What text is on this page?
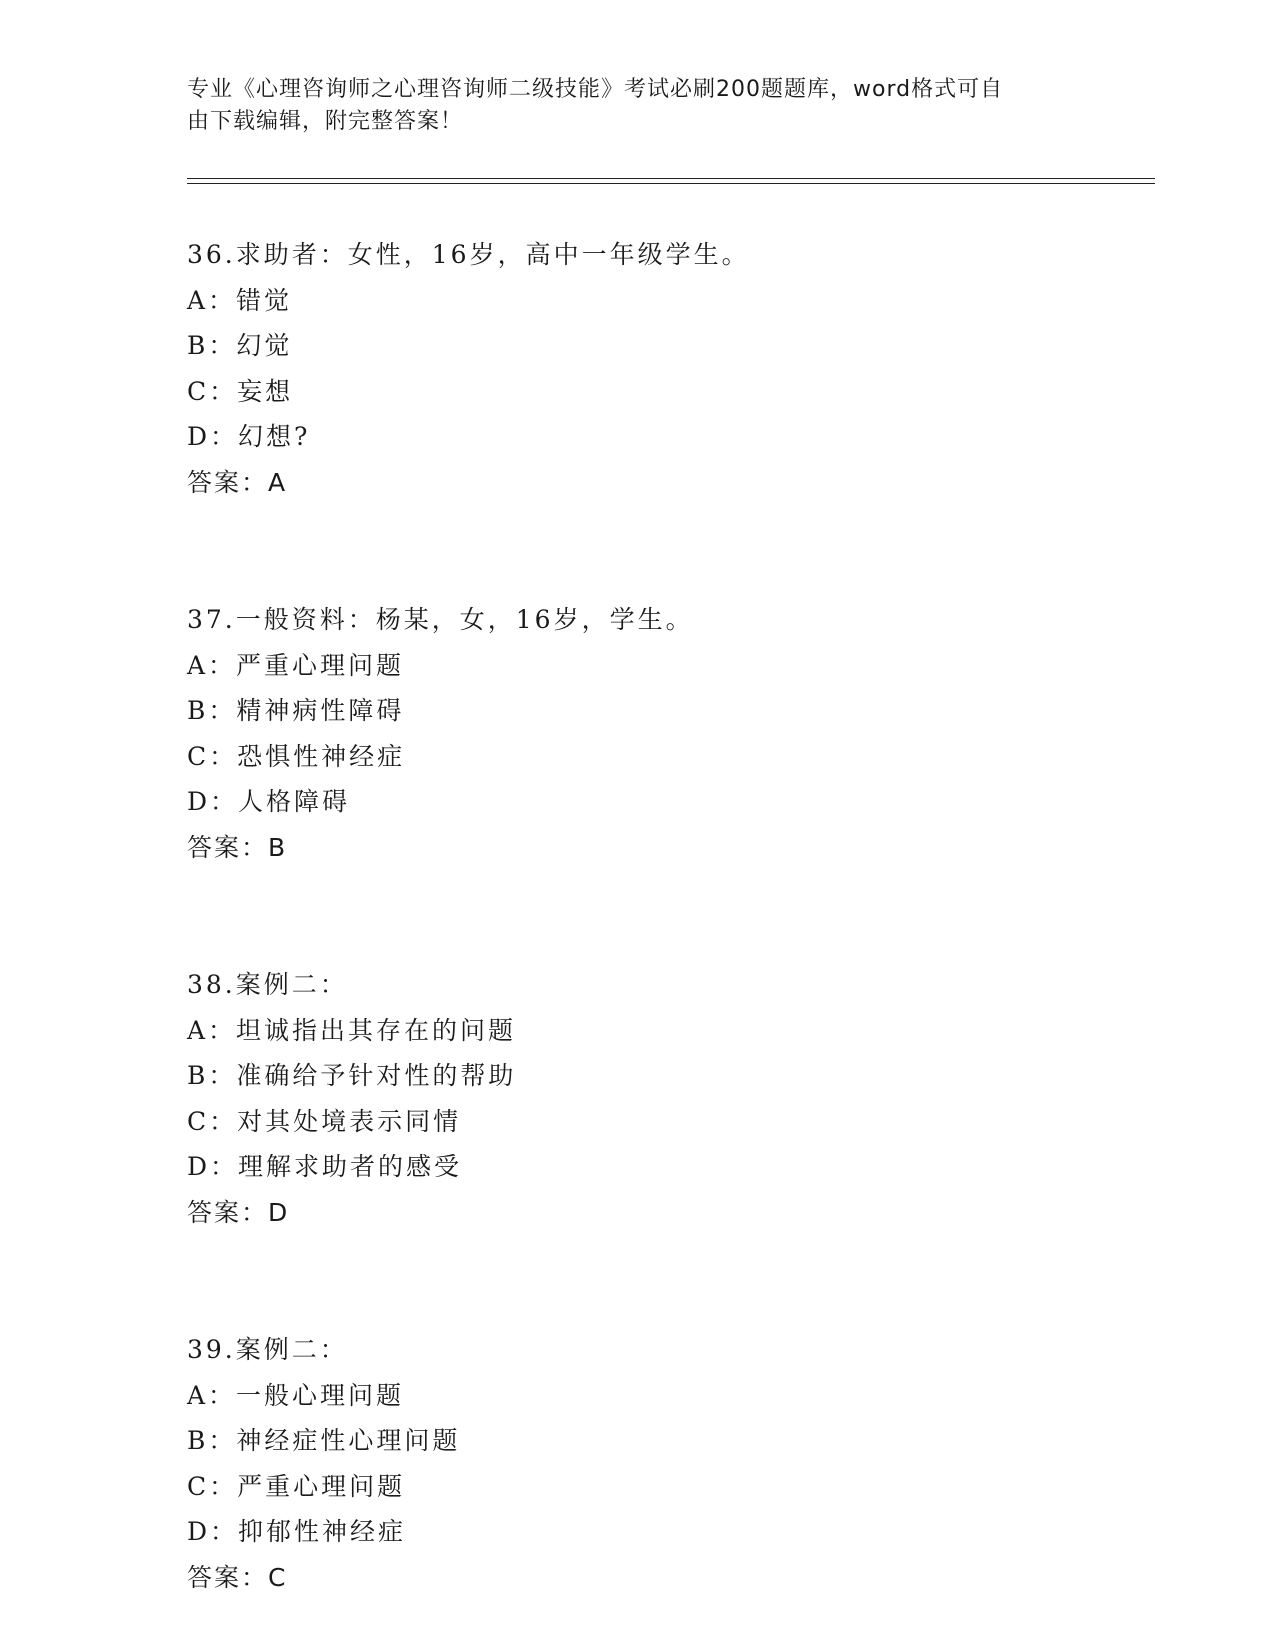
专业《心理咨询师之心理咨询师二级技能》考试必刷200题题库，word格式可自
由下载编辑，附完整答案！
36.求助者：女性，16岁，高中一年级学生。
A：错觉
B：幻觉
C：妄想
D：幻想?
答案：A
37.一般资料：杨某，女，16岁，学生。
A：严重心理问题
B：精神病性障碍
C：恐惧性神经症
D：人格障碍
答案：B
38.案例二：
A：坦诚指出其存在的问题
B：准确给予针对性的帮助
C：对其处境表示同情
D：理解求助者的感受
答案：D
39.案例二：
A：一般心理问题
B：神经症性心理问题
C：严重心理问题
D：抑郁性神经症
答案：C
